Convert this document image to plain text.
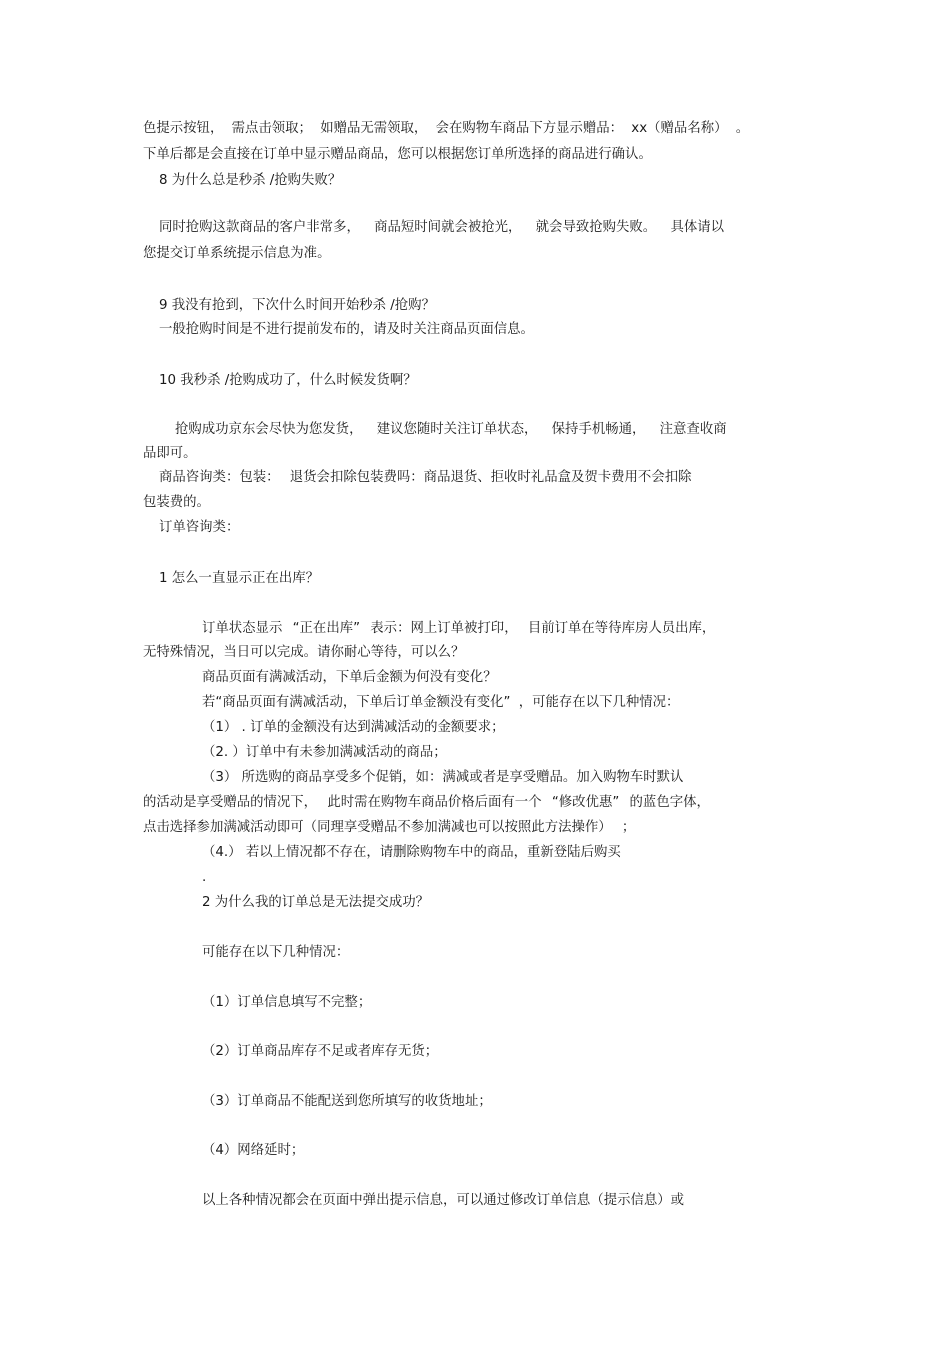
色提示按钮， 需点击领取； 如赠品无需领取， 会在购物车商品下方显示赠品： xx（赠品名称） 。

下单后都是会直接在订单中显示赠品商品，您可以根据您订单所选择的商品进行确认。

8 为什么总是秒杀 /抢购失败？

同时抢购这款商品的客户非常多， 商品短时间就会被抢光， 就会导致抢购失败。 具体请以

您提交订单系统提示信息为准。

9 我没有抢到，下次什么时间开始秒杀 /抢购？

一般抢购时间是不进行提前发布的，请及时关注商品页面信息。

10 我秒杀 /抢购成功了，什么时候发货啊？

抢购成功京东会尽快为您发货， 建议您随时关注订单状态， 保持手机畅通， 注意查收商

品即可。

商品咨询类：包装： 退货会扣除包装费吗：商品退货、拒收时礼品盒及贺卡费用不会扣除

包装费的。

订单咨询类：

1 怎么一直显示正在出库？

订单状态显示 “正在出库” 表示：网上订单被打印， 目前订单在等待库房人员出库，

无特殊情况，当日可以完成。请你耐心等待，可以么？

商品页面有满减活动，下单后金额为何没有变化？

若“商品页面有满减活动，下单后订单金额没有变化” ，可能存在以下几种情况：

（1） . 订单的金额没有达到满减活动的金额要求；

（2. ）订单中有未参加满减活动的商品；

（3） 所选购的商品享受多个促销，如：满减或者是享受赠品。加入购物车时默认

的活动是享受赠品的情况下， 此时需在购物车商品价格后面有一个 “修改优惠” 的蓝色字体，

点击选择参加满减活动即可（同理享受赠品不参加满减也可以按照此方法操作） ；

（4.） 若以上情况都不存在，请删除购物车中的商品，重新登陆后购买

.

2 为什么我的订单总是无法提交成功？

可能存在以下几种情况：

（1）订单信息填写不完整；

（2）订单商品库存不足或者库存无货；

（3）订单商品不能配送到您所填写的收货地址；

（4）网络延时；

以上各种情况都会在页面中弹出提示信息，可以通过修改订单信息（提示信息）或
